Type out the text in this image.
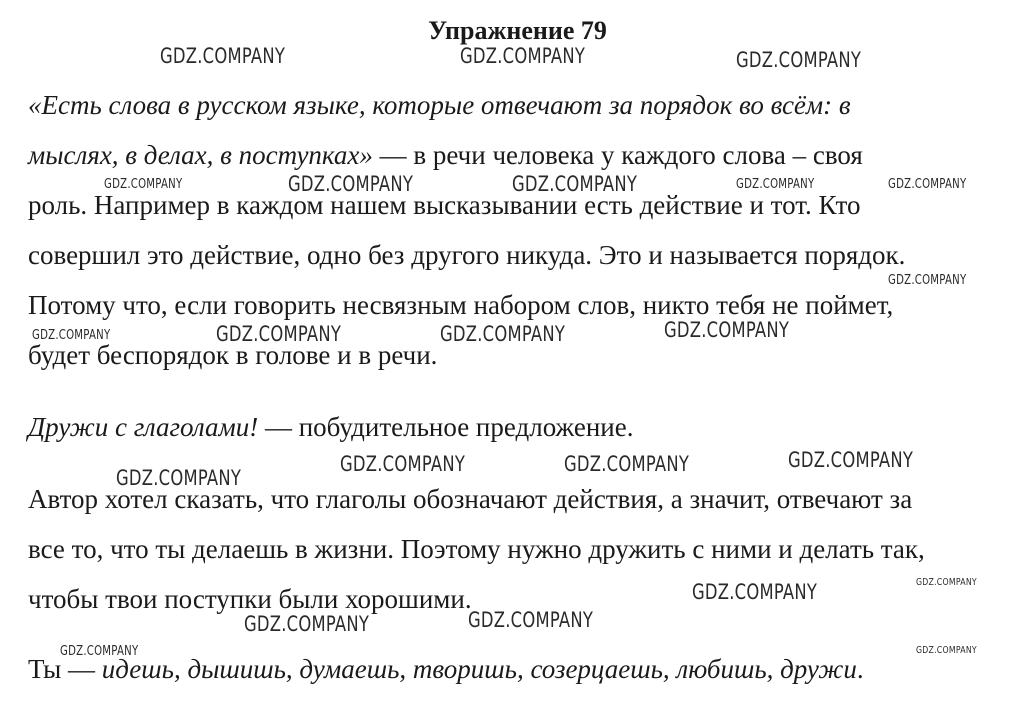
Упражнение 79
«Есть слова в русском языке, которые отвечают за порядок во всём: в
мыслях, в делах, в поступках» — в речи человека у каждого слова – своя
роль. Например в каждом нашем высказывании есть действие и тот. Кто
совершил это действие, одно без другого никуда. Это и называется порядок.
Потому что, если говорить несвязным набором слов, никто тебя не поймет,
будет беспорядок в голове и в речи.
Дружи с глаголами! — побудительное предложение.
Автор хотел сказать, что глаголы обозначают действия, а значит, отвечают за
все то, что ты делаешь в жизни. Поэтому нужно дружить с ними и делать так,
чтобы твои поступки были хорошими.
Ты — идешь, дышишь, думаешь, творишь, созерцаешь, любишь, дружи.
GDZ.COMPANY	GDZ.COMPANY	GDZ.COMPANY
GDZ.COMPANY	GDZ.COMPANY	GDZ.COMPANY	GDZ.COMPANY	GDZ.COMPANY
GDZ.COMPANY
GDZ.COMPANY	GDZ.COMPANY	GDZ.COMPANY	GDZ.COMPANY
GDZ.COMPANY
GDZ.COMPANY	GDZ.COMPANY	GDZ.COMPANY
GDZ.COMPANY
GDZ.COMPANY
GDZ.COMPANY	GDZ.COMPANY
GDZ.COMPANY	GDZ.COMPANY
